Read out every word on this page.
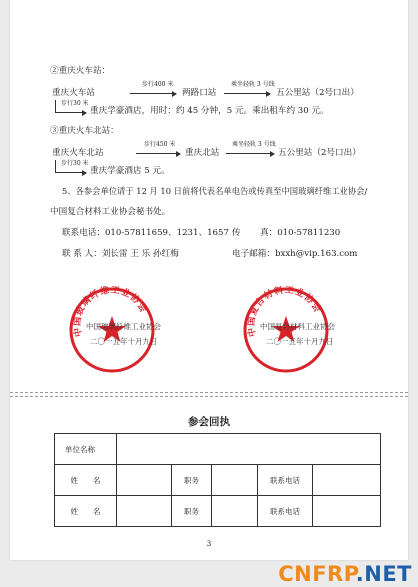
②重庆火车站：
重庆火车站
步行400 米
两路口站
乘坐轻轨 3 号线
五公里站（2号口出）
步行30 米
重庆学豪酒店，用时：约 45 分钟，5 元。乘出租车约 30 元。
③重庆火车北站：
重庆火车北站
步行450 米
重庆北站
乘坐轻轨 3 号线
五公里站（2号口出）
步行30 米
重庆学豪酒店 5 元。
5、各参会单位请于 12 月 10 日前将代表名单电告或传真至中国玻璃纤维工业协会/
中国复合材料工业协会秘书处。
联系电话：010-57811659、1231、1657 传 真：010-57811230
联 系 人：刘长雷 王 乐 孙红梅	电子邮箱：bxxh@vip.163.com
中国玻璃纤维工业协会
中国玻璃纤维工业协会
二〇一五年十月九日
中国复合材料工业协会
中国复合材料工业协会
二〇一五年十月九日
参会回执
单位名称					
姓　　名		职务		联系电话	
姓　　名		职务		联系电话	
3
CNFRP.NET
